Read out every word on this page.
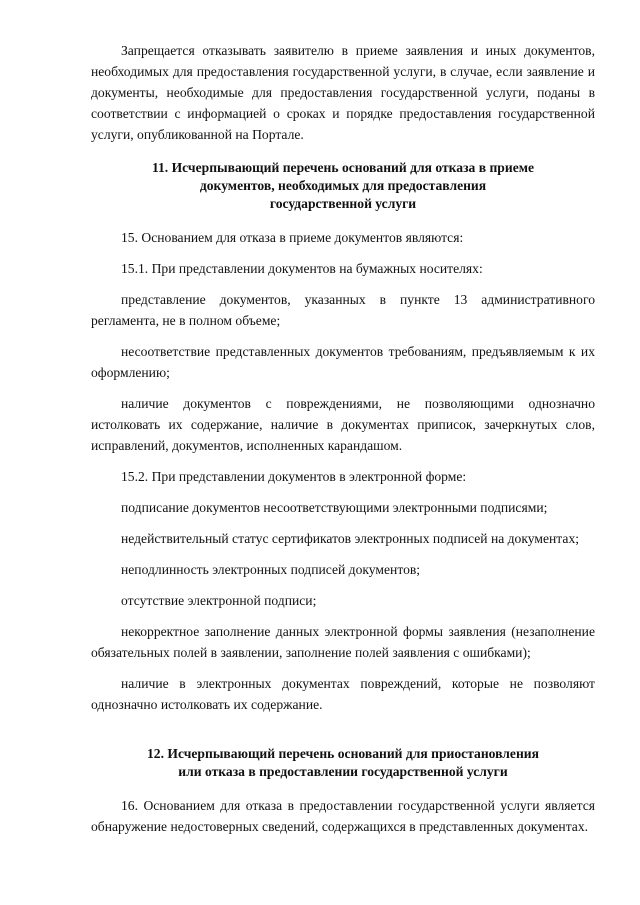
Запрещается отказывать заявителю в приеме заявления и иных документов, необходимых для предоставления государственной услуги, в случае, если заявление и документы, необходимые для предоставления государственной услуги, поданы в соответствии с информацией о сроках и порядке предоставления государственной услуги, опубликованной на Портале.

11. Исчерпывающий перечень оснований для отказа в приеме
документов, необходимых для предоставления
государственной услуги

15. Основанием для отказа в приеме документов являются:

15.1. При представлении документов на бумажных носителях:

представление документов, указанных в пункте 13 административного регламента, не в полном объеме;

несоответствие представленных документов требованиям, предъявляемым к их оформлению;

наличие документов с повреждениями, не позволяющими однозначно истолковать их содержание, наличие в документах приписок, зачеркнутых слов, исправлений, документов, исполненных карандашом.

15.2. При представлении документов в электронной форме:

подписание документов несоответствующими электронными подписями;

недействительный статус сертификатов электронных подписей на документах;

неподлинность электронных подписей документов;

отсутствие электронной подписи;

некорректное заполнение данных электронной формы заявления (незаполнение обязательных полей в заявлении, заполнение полей заявления с ошибками);

наличие в электронных документах повреждений, которые не позволяют однозначно истолковать их содержание.

12. Исчерпывающий перечень оснований для приостановления
или отказа в предоставлении государственной услуги

16. Основанием для отказа в предоставлении государственной услуги является обнаружение недостоверных сведений, содержащихся в представленных документах.
